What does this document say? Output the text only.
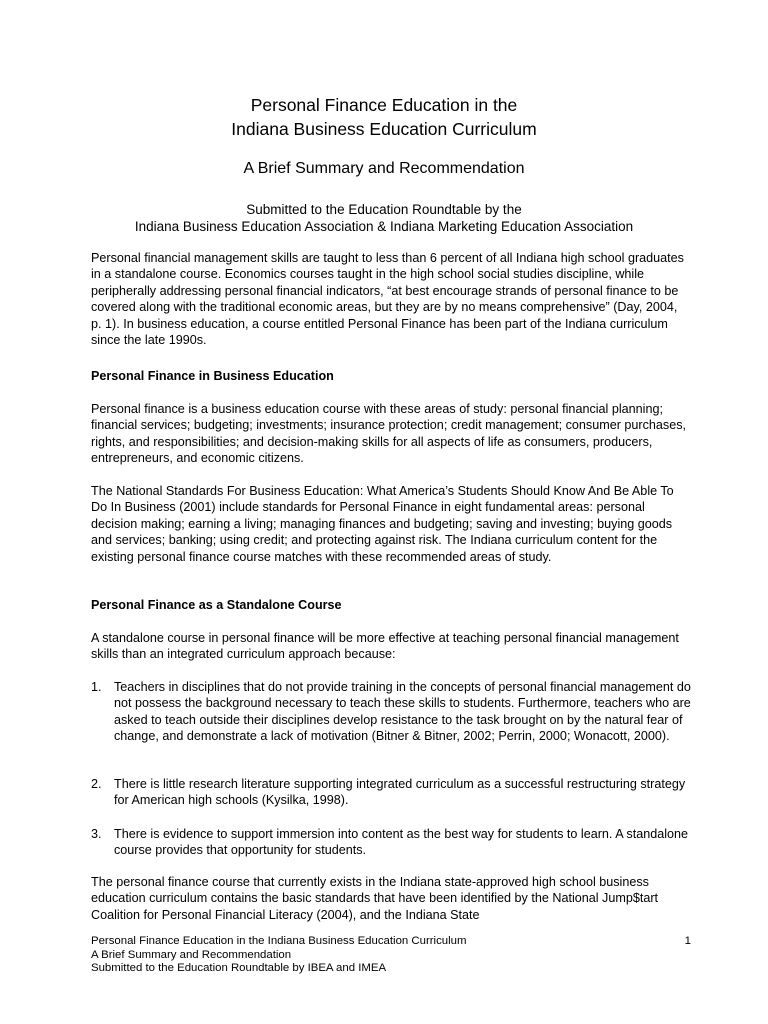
Personal Finance Education in the
Indiana Business Education Curriculum
A Brief Summary and Recommendation
Submitted to the Education Roundtable by the
Indiana Business Education Association & Indiana Marketing Education Association

Personal financial management skills are taught to less than 6 percent of all Indiana high school graduates in a standalone course. Economics courses taught in the high school social studies discipline, while peripherally addressing personal financial indicators, “at best encourage strands of personal finance to be covered along with the traditional economic areas, but they are by no means comprehensive” (Day, 2004, p. 1). In business education, a course entitled Personal Finance has been part of the Indiana curriculum since the late 1990s.

Personal Finance in Business Education

Personal finance is a business education course with these areas of study: personal financial planning; financial services; budgeting; investments; insurance protection; credit management; consumer purchases, rights, and responsibilities; and decision-making skills for all aspects of life as consumers, producers, entrepreneurs, and economic citizens.

The National Standards For Business Education: What America’s Students Should Know And Be Able To Do In Business (2001) include standards for Personal Finance in eight fundamental areas: personal decision making; earning a living; managing finances and budgeting; saving and investing; buying goods and services; banking; using credit; and protecting against risk. The Indiana curriculum content for the existing personal finance course matches with these recommended areas of study.

Personal Finance as a Standalone Course

A standalone course in personal finance will be more effective at teaching personal financial management skills than an integrated curriculum approach because:

1. Teachers in disciplines that do not provide training in the concepts of personal financial management do not possess the background necessary to teach these skills to students. Furthermore, teachers who are asked to teach outside their disciplines develop resistance to the task brought on by the natural fear of change, and demonstrate a lack of motivation (Bitner & Bitner, 2002; Perrin, 2000; Wonacott, 2000).
2. There is little research literature supporting integrated curriculum as a successful restructuring strategy for American high schools (Kysilka, 1998).
3. There is evidence to support immersion into content as the best way for students to learn. A standalone course provides that opportunity for students.

The personal finance course that currently exists in the Indiana state-approved high school business education curriculum contains the basic standards that have been identified by the National Jump$tart Coalition for Personal Financial Literacy (2004), and the Indiana State

Personal Finance Education in the Indiana Business Education Curriculum
A Brief Summary and Recommendation
Submitted to the Education Roundtable by IBEA and IMEA
1
